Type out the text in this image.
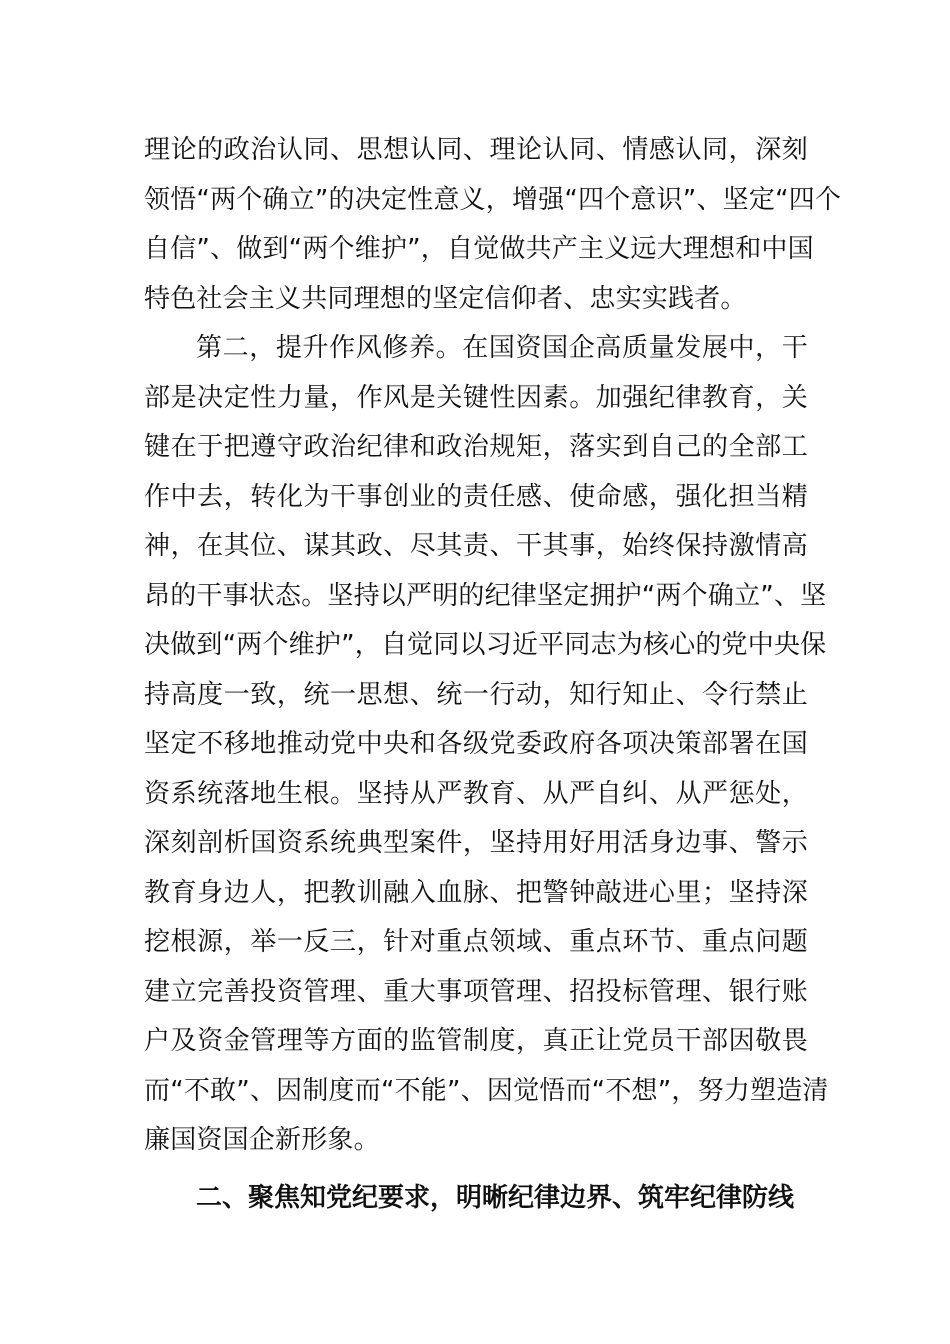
理论的政治认同、思想认同、理论认同、情感认同，深刻
领悟“两个确立”的决定性意义，增强“四个意识”、坚定“四个
自信”、做到“两个维护”，自觉做共产主义远大理想和中国
特色社会主义共同理想的坚定信仰者、忠实实践者。
第二，提升作风修养。在国资国企高质量发展中，干
部是决定性力量，作风是关键性因素。加强纪律教育，关
键在于把遵守政治纪律和政治规矩，落实到自己的全部工
作中去，转化为干事创业的责任感、使命感，强化担当精
神，在其位、谋其政、尽其责、干其事，始终保持激情高
昂的干事状态。坚持以严明的纪律坚定拥护“两个确立”、坚
决做到“两个维护”，自觉同以习近平同志为核心的党中央保
持高度一致，统一思想、统一行动，知行知止、令行禁止
坚定不移地推动党中央和各级党委政府各项决策部署在国
资系统落地生根。坚持从严教育、从严自纠、从严惩处，
深刻剖析国资系统典型案件，坚持用好用活身边事、警示
教育身边人，把教训融入血脉、把警钟敲进心里；坚持深
挖根源，举一反三，针对重点领域、重点环节、重点问题
建立完善投资管理、重大事项管理、招投标管理、银行账
户及资金管理等方面的监管制度，真正让党员干部因敬畏
而“不敢”、因制度而“不能”、因觉悟而“不想”，努力塑造清
廉国资国企新形象。
二、聚焦知党纪要求，明晰纪律边界、筑牢纪律防线
